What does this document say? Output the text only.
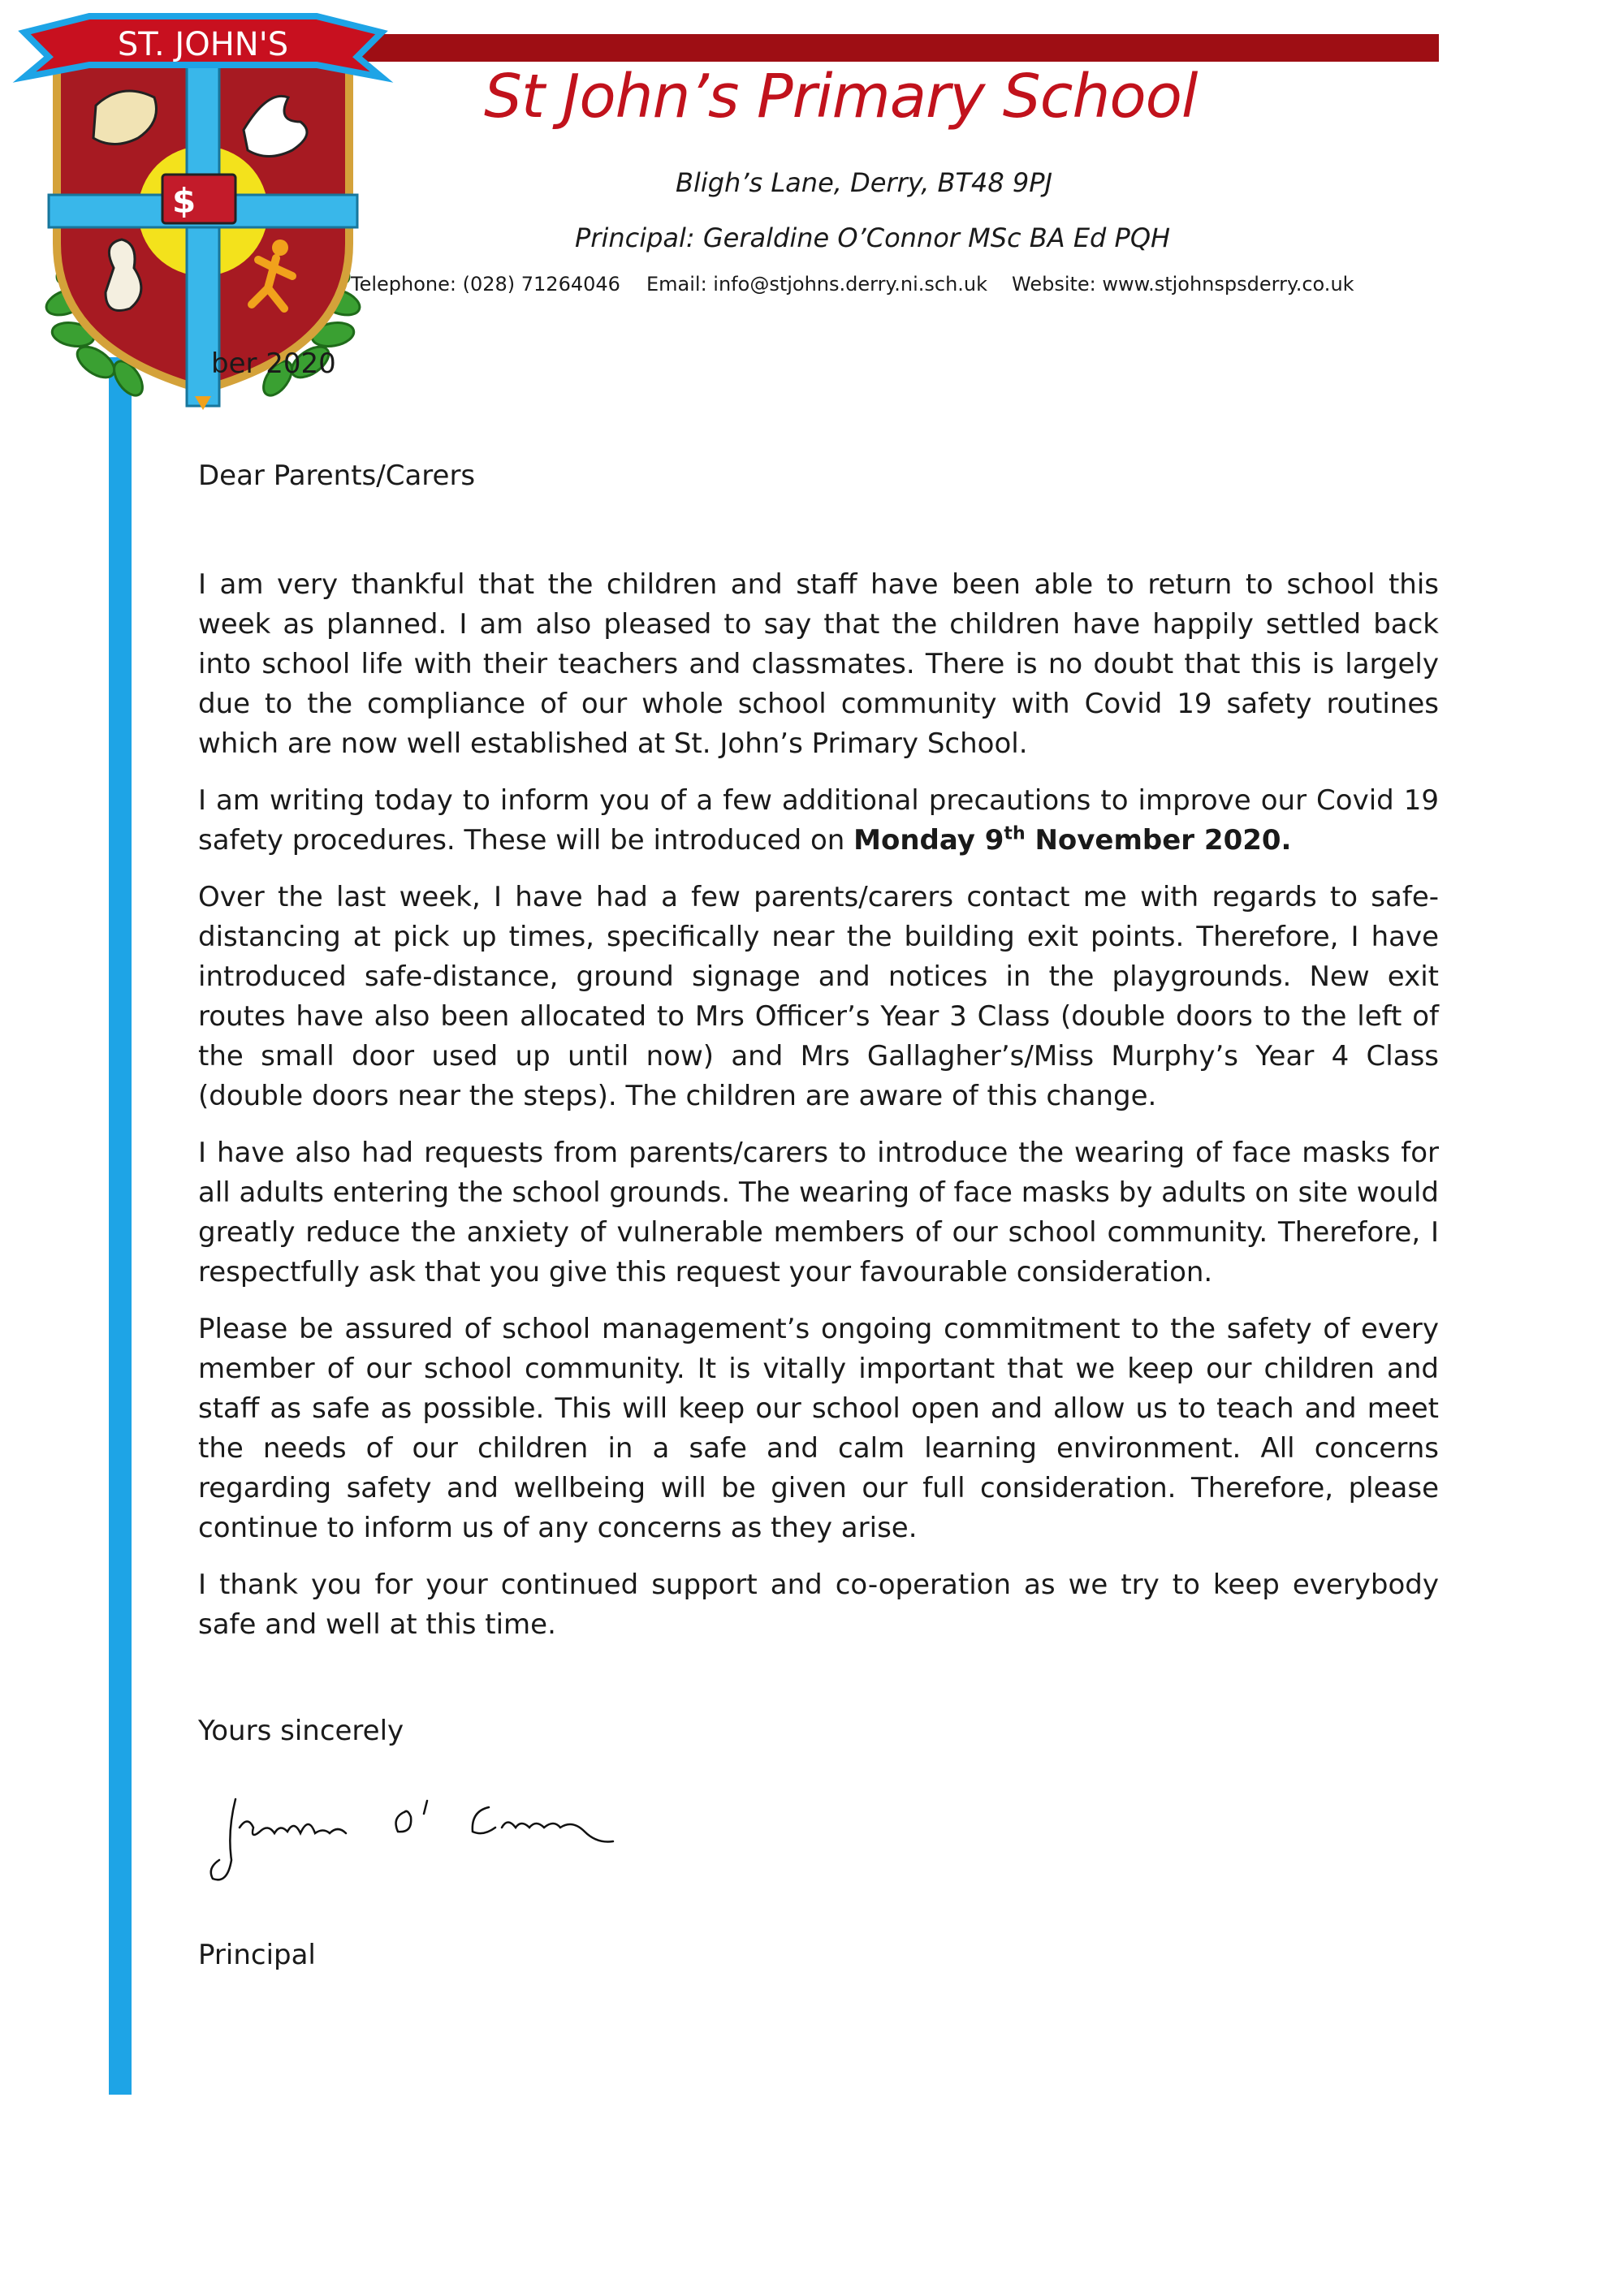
$
ST. JOHN'S
St John’s Primary School
Bligh’s Lane, Derry, BT48 9PJ
Principal: Geraldine O’Connor MSc BA Ed PQH
Telephone: (028) 71264046 Email: info@stjohns.derry.ni.sch.uk Website: www.stjohnspsderry.co.uk
ber 2020
Dear Parents/Carers

I am very thankful that the children and staff have been able to return to school this week as planned. I am also pleased to say that the children have happily settled back into school life with their teachers and classmates. There is no doubt that this is largely due to the compliance of our whole school community with Covid 19 safety routines which are now well established at St. John’s Primary School.

I am writing today to inform you of a few additional precautions to improve our Covid 19 safety procedures. These will be introduced on Monday 9th November 2020.

Over the last week, I have had a few parents/carers contact me with regards to safe-distancing at pick up times, specifically near the building exit points. Therefore, I have introduced safe-distance, ground signage and notices in the playgrounds. New exit routes have also been allocated to Mrs Officer’s Year 3 Class (double doors to the left of the small door used up until now) and Mrs Gallagher’s/Miss Murphy’s Year 4 Class (double doors near the steps). The children are aware of this change.

I have also had requests from parents/carers to introduce the wearing of face masks for all adults entering the school grounds. The wearing of face masks by adults on site would greatly reduce the anxiety of vulnerable members of our school community. Therefore, I respectfully ask that you give this request your favourable consideration.

Please be assured of school management’s ongoing commitment to the safety of every member of our school community. It is vitally important that we keep our children and staff as safe as possible. This will keep our school open and allow us to teach and meet the needs of our children in a safe and calm learning environment. All concerns regarding safety and wellbeing will be given our full consideration. Therefore, please continue to inform us of any concerns as they arise.

I thank you for your continued support and co-operation as we try to keep everybody safe and well at this time.

Yours sincerely
Principal
